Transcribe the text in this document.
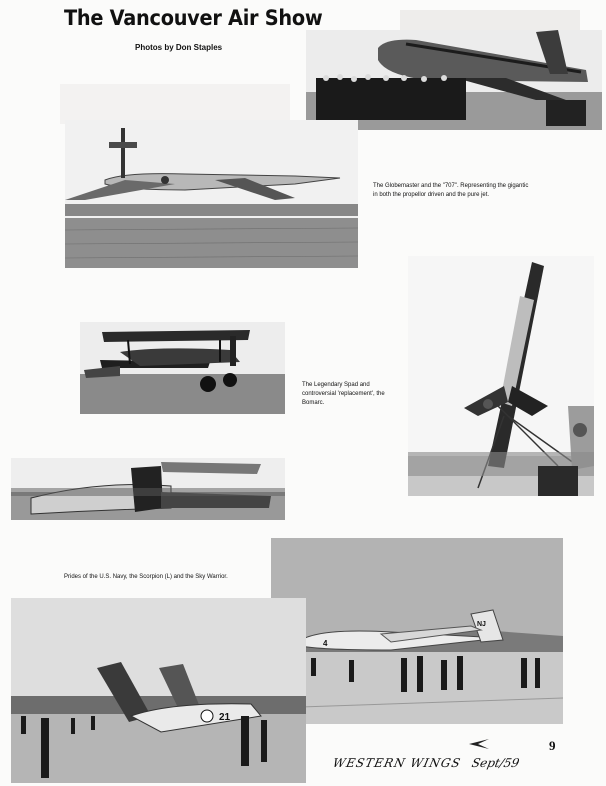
The Vancouver Air Show
Photos by Don Staples
The Globemaster and the "707". Representing the gigantic in both the propellor driven and the pure jet.
The Legendary Spad and controversial 'replacement', the Bomarc.
Prides of the U.S. Navy, the Scorpion (L) and the Sky Warrior.
4
NJ
21
9
WESTERN WINGS Sept/59
